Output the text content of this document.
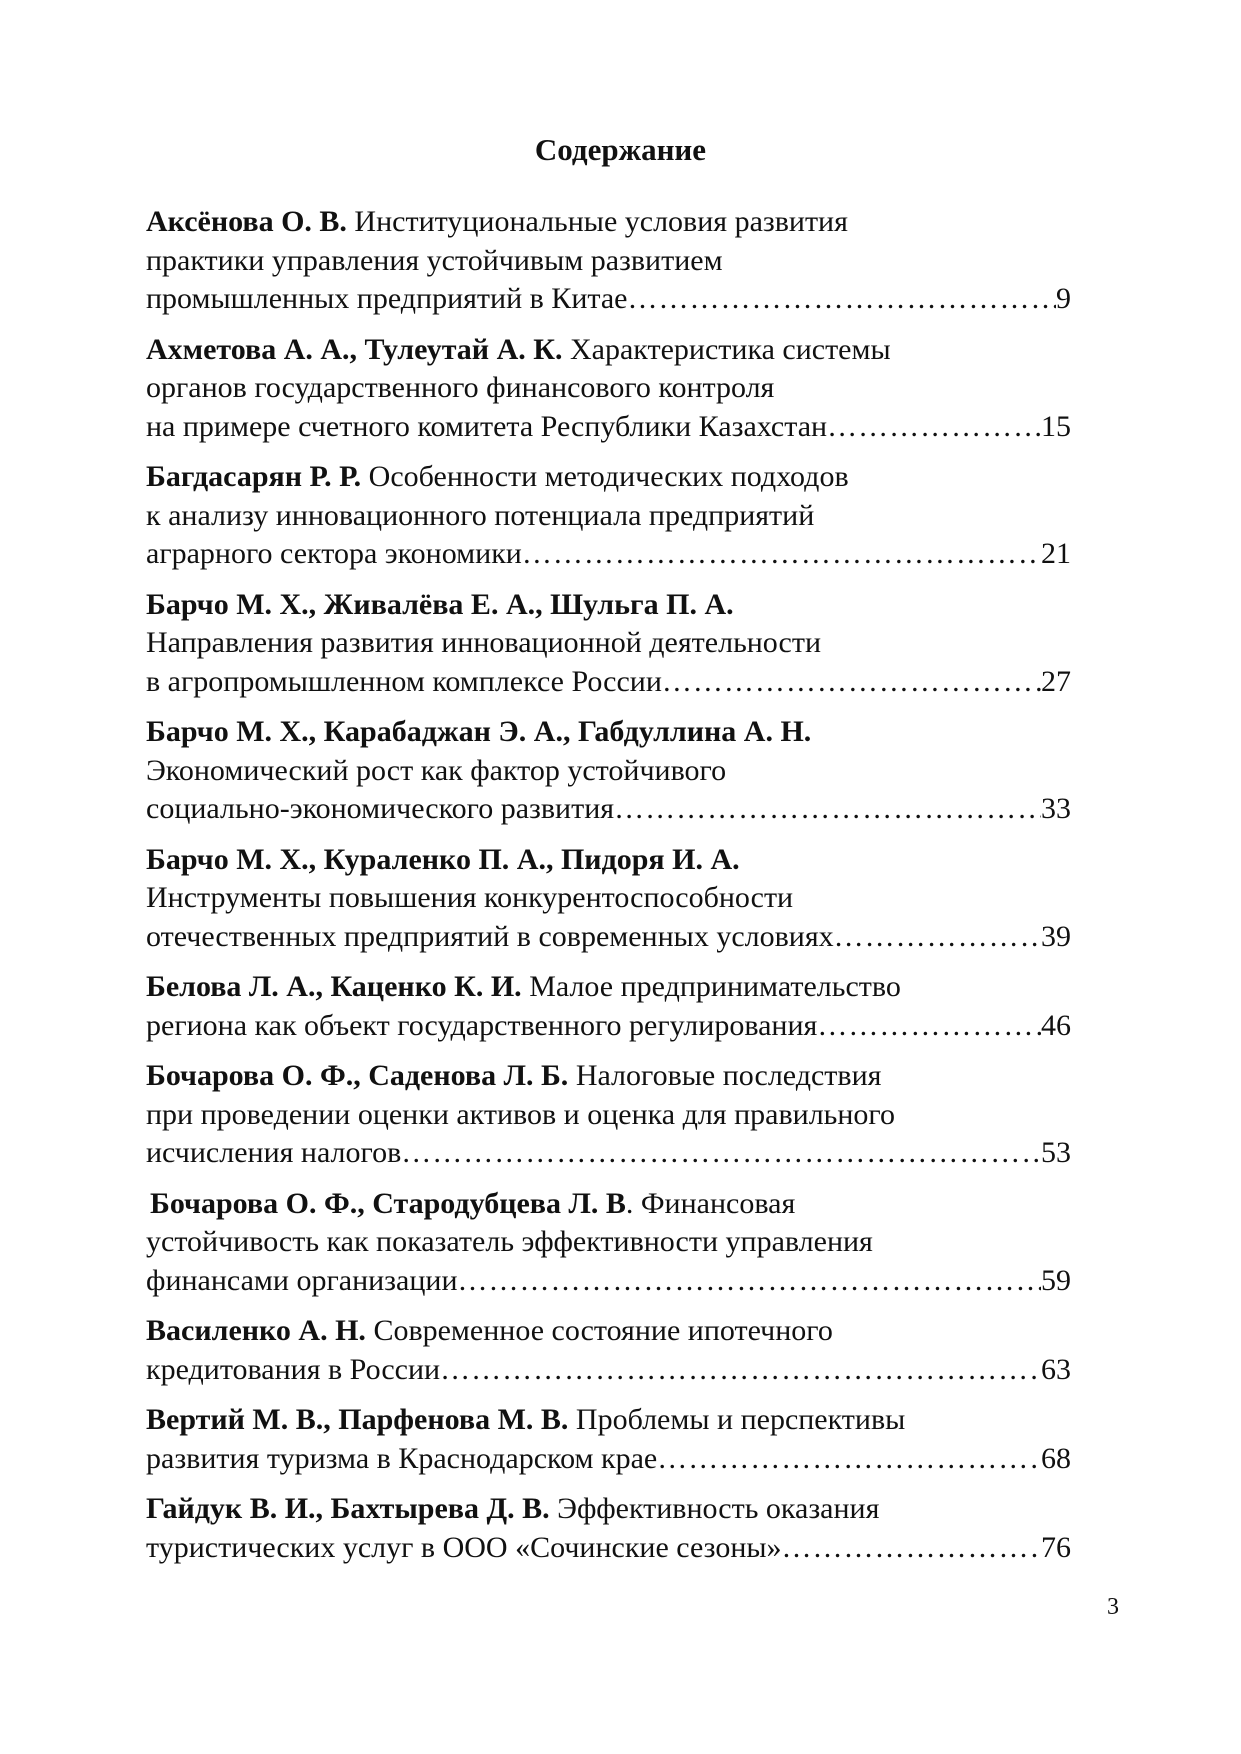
Содержание
Аксёнова О. В. Институциональные условия развития
практики управления устойчивым развитием
промышленных предприятий в Китае ……………………………………………………………………………………………………………………	9
Ахметова А. А., Тулеутай А. К. Характеристика системы
органов государственного финансового контроля
на примере счетного комитета Республики Казахстан ……………………………………………………………………………………………………………………	15
Багдасарян Р. Р. Особенности методических подходов
к анализу инновационного потенциала предприятий
аграрного сектора экономики ……………………………………………………………………………………………………………………	21
Барчо М. Х., Живалёва Е. А., Шульга П. А.
Направления развития инновационной деятельности
в агропромышленном комплексе России ……………………………………………………………………………………………………………………	27
Барчо М. Х., Карабаджан Э. А., Габдуллина А. Н.
Экономический рост как фактор устойчивого
социально-экономического развития ……………………………………………………………………………………………………………………	33
Барчо М. Х., Кураленко П. А., Пидоря И. А.
Инструменты повышения конкурентоспособности
отечественных предприятий в современных условиях ……………………………………………………………………………………………………………………	39
Белова Л. А., Каценко К. И. Малое предпринимательство
региона как объект государственного регулирования ……………………………………………………………………………………………………………………	46
Бочарова О. Ф., Саденова Л. Б. Налоговые последствия
при проведении оценки активов и оценка для правильного
исчисления налогов ……………………………………………………………………………………………………………………	53
Бочарова О. Ф., Стародубцева Л. В. Финансовая
устойчивость как показатель эффективности управления
финансами организации ……………………………………………………………………………………………………………………	59
Василенко А. Н. Современное состояние ипотечного
кредитования в России ……………………………………………………………………………………………………………………	63
Вертий М. В., Парфенова М. В. Проблемы и перспективы
развития туризма в Краснодарском крае ……………………………………………………………………………………………………………………	68
Гайдук В. И., Бахтырева Д. В. Эффективность оказания
туристических услуг в ООО «Сочинские сезоны» ……………………………………………………………………………………………………………………	76
3
